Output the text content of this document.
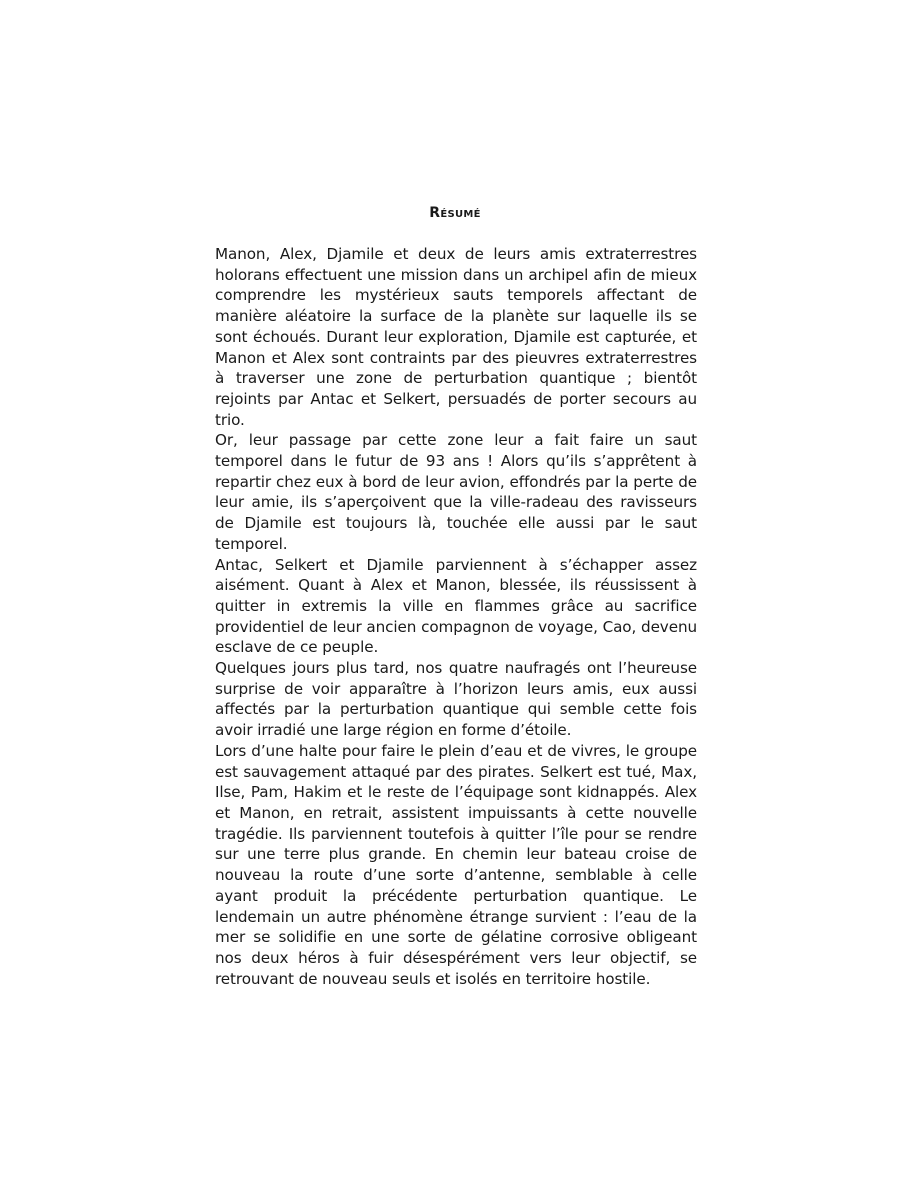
Résumé

Manon, Alex, Djamile et deux de leurs amis extraterrestres holorans effectuent une mission dans un archipel afin de mieux comprendre les mystérieux sauts temporels affectant de manière aléatoire la surface de la planète sur laquelle ils se sont échoués. Durant leur exploration, Djamile est capturée, et Manon et Alex sont contraints par des pieuvres extraterrestres à traverser une zone de perturbation quantique ; bientôt rejoints par Antac et Selkert, persuadés de porter secours au trio.

Or, leur passage par cette zone leur a fait faire un saut temporel dans le futur de 93 ans ! Alors qu’ils s’apprêtent à repartir chez eux à bord de leur avion, effondrés par la perte de leur amie, ils s’aperçoivent que la ville-radeau des ravisseurs de Djamile est toujours là, touchée elle aussi par le saut temporel.

Antac, Selkert et Djamile parviennent à s’échapper assez aisément. Quant à Alex et Manon, blessée, ils réussissent à quitter in extremis la ville en flammes grâce au sacrifice providentiel de leur ancien compagnon de voyage, Cao, devenu esclave de ce peuple.

Quelques jours plus tard, nos quatre naufragés ont l’heureuse surprise de voir apparaître à l’horizon leurs amis, eux aussi affectés par la perturbation quantique qui semble cette fois avoir irradié une large région en forme d’étoile.

Lors d’une halte pour faire le plein d’eau et de vivres, le groupe est sauvagement attaqué par des pirates. Selkert est tué, Max, Ilse, Pam, Hakim et le reste de l’équipage sont kidnappés. Alex et Manon, en retrait, assistent impuissants à cette nouvelle tragédie. Ils parviennent toutefois à quitter l’île pour se rendre sur une terre plus grande. En chemin leur bateau croise de nouveau la route d’une sorte d’antenne, semblable à celle ayant produit la précédente perturbation quantique. Le lendemain un autre phénomène étrange survient : l’eau de la mer se solidifie en une sorte de gélatine corrosive obligeant nos deux héros à fuir désespérément vers leur objectif, se retrouvant de nouveau seuls et isolés en territoire hostile.
